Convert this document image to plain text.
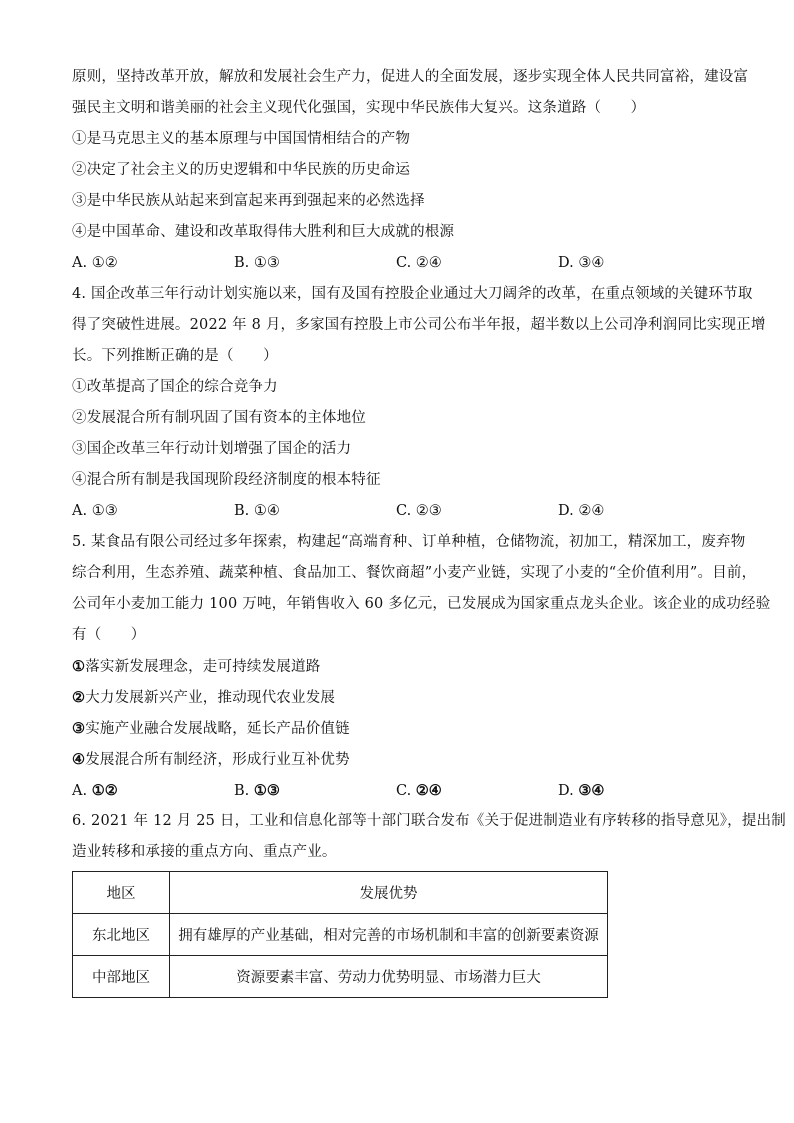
原则，坚持改革开放，解放和发展社会生产力，促进人的全面发展，逐步实现全体人民共同富裕，建设富
强民主文明和谐美丽的社会主义现代化强国，实现中华民族伟大复兴。这条道路（　　）
①是马克思主义的基本原理与中国国情相结合的产物
②决定了社会主义的历史逻辑和中华民族的历史命运
③是中华民族从站起来到富起来再到强起来的必然选择
④是中国革命、建设和改革取得伟大胜利和巨大成就的根源
A. ①②	B. ①③	C. ②④	D. ③④
4. 国企改革三年行动计划实施以来，国有及国有控股企业通过大刀阔斧的改革，在重点领域的关键环节取
得了突破性进展。2022 年 8 月，多家国有控股上市公司公布半年报，超半数以上公司净利润同比实现正增
长。下列推断正确的是（　　）
①改革提高了国企的综合竞争力
②发展混合所有制巩固了国有资本的主体地位
③国企改革三年行动计划增强了国企的活力
④混合所有制是我国现阶段经济制度的根本特征
A. ①③	B. ①④	C. ②③	D. ②④
5. 某食品有限公司经过多年探索，构建起“高端育种、订单种植，仓储物流，初加工，精深加工，废弃物
综合利用，生态养殖、蔬菜种植、食品加工、餐饮商超”小麦产业链，实现了小麦的“全价值利用”。目前，
公司年小麦加工能力 100 万吨，年销售收入 60 多亿元，已发展成为国家重点龙头企业。该企业的成功经验
有（　　）
①落实新发展理念，走可持续发展道路
②大力发展新兴产业，推动现代农业发展
③实施产业融合发展战略，延长产品价值链
④发展混合所有制经济，形成行业互补优势
A. ①②	B. ①③	C. ②④	D. ③④
6. 2021 年 12 月 25 日，工业和信息化部等十部门联合发布《关于促进制造业有序转移的指导意见》，提出制
造业转移和承接的重点方向、重点产业。
地区	发展优势
东北地区	拥有雄厚的产业基础，相对完善的市场机制和丰富的创新要素资源
中部地区	资源要素丰富、劳动力优势明显、市场潜力巨大
